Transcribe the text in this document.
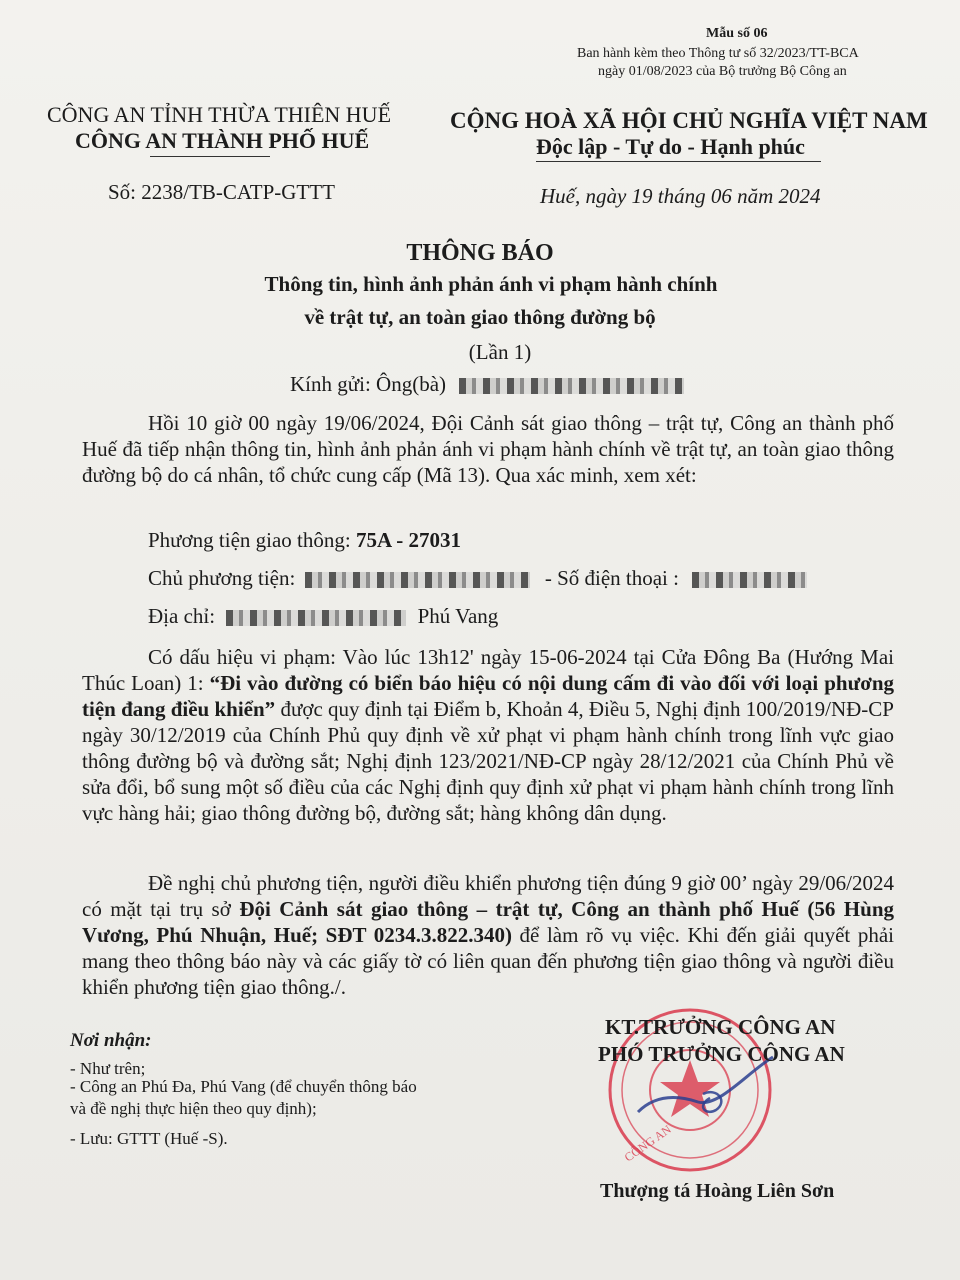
Mẫu số 06
Ban hành kèm theo Thông tư số 32/2023/TT-BCA
ngày 01/08/2023 của Bộ trưởng Bộ Công an
CÔNG AN TỈNH THỪA THIÊN HUẾ
CÔNG AN THÀNH PHỐ HUẾ
Số: 2238/TB-CATP-GTTT
CỘNG HOÀ XÃ HỘI CHỦ NGHĨA VIỆT NAM
Độc lập - Tự do - Hạnh phúc
Huế, ngày 19 tháng 06 năm 2024
THÔNG BÁO
Thông tin, hình ảnh phản ánh vi phạm hành chính
về trật tự, an toàn giao thông đường bộ
(Lần 1)
Kính gửi: Ông(bà)
Hồi 10 giờ 00 ngày 19/06/2024, Đội Cảnh sát giao thông – trật tự, Công an thành phố Huế đã tiếp nhận thông tin, hình ảnh phản ánh vi phạm hành chính về trật tự, an toàn giao thông đường bộ do cá nhân, tổ chức cung cấp (Mã 13). Qua xác minh, xem xét:
Phương tiện giao thông: 75A - 27031
Chủ phương tiện:	- Số điện thoại :
Địa chỉ:	Phú Vang
Có dấu hiệu vi phạm: Vào lúc 13h12' ngày 15-06-2024 tại Cửa Đông Ba (Hướng Mai Thúc Loan) 1: “Đi vào đường có biển báo hiệu có nội dung cấm đi vào đối với loại phương tiện đang điều khiển” được quy định tại Điểm b, Khoản 4, Điều 5, Nghị định 100/2019/NĐ-CP ngày 30/12/2019 của Chính Phủ quy định về xử phạt vi phạm hành chính trong lĩnh vực giao thông đường bộ và đường sắt; Nghị định 123/2021/NĐ-CP ngày 28/12/2021 của Chính Phủ về sửa đổi, bổ sung một số điều của các Nghị định quy định xử phạt vi phạm hành chính trong lĩnh vực hàng hải; giao thông đường bộ, đường sắt; hàng không dân dụng.
Đề nghị chủ phương tiện, người điều khiển phương tiện đúng 9 giờ 00’ ngày 29/06/2024 có mặt tại trụ sở Đội Cảnh sát giao thông – trật tự, Công an thành phố Huế (56 Hùng Vương, Phú Nhuận, Huế; SĐT 0234.3.822.340) để làm rõ vụ việc. Khi đến giải quyết phải mang theo thông báo này và các giấy tờ có liên quan đến phương tiện giao thông và người điều khiển phương tiện giao thông./.
Nơi nhận:
- Như trên;
- Công an Phú Đa, Phú Vang (để chuyển thông báo
và đề nghị thực hiện theo quy định);
- Lưu: GTTT (Huế -S).	CÔNG AN
KT.TRƯỞNG CÔNG AN
PHÓ TRƯỞNG CÔNG AN
Thượng tá Hoàng Liên Sơn
